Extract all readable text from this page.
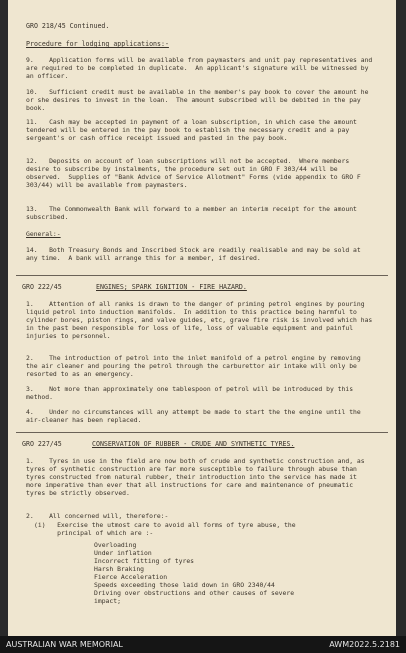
GRO 218/45 Continued.
Procedure for lodging applications:-
9.    Application forms will be available from paymasters and unit pay representatives and are required to be completed in duplicate.  An applicant's signature will be witnessed by an officer.
10.   Sufficient credit must be available in the member's pay book to cover the amount he or she desires to invest in the loan.  The amount subscribed will be debited in the pay book.
11.   Cash may be accepted in payment of a loan subscription, in which case the amount tendered will be entered in the pay book to establish the necessary credit and a pay sergeant's or cash office receipt issued and pasted in the pay book.
12.   Deposits on account of loan subscriptions will not be accepted.  Where members desire to subscribe by instalments, the procedure set out in GRO F 303/44 will be observed.  Supplies of "Bank Advice of Service Allotment" Forms (vide appendix to GRO F 303/44) will be available from paymasters.
13.   The Commonwealth Bank will forward to a member an interim receipt for the amount subscribed.
General:-
14.   Both Treasury Bonds and Inscribed Stock are readily realisable and may be sold at any time.  A bank will arrange this for a member, if desired.
GRO 222/45	ENGINES; SPARK IGNITION - FIRE HAZARD.
1.    Attention of all ranks is drawn to the danger of priming petrol engines by pouring liquid petrol into induction manifolds.  In addition to this practice being harmful to cylinder bores, piston rings, and valve guides, etc, grave fire risk is involved which has in the past been responsible for loss of life, loss of valuable equipment and painful injuries to personnel.
2.    The introduction of petrol into the inlet manifold of a petrol engine by removing the air cleaner and pouring the petrol through the carburettor air intake will only be resorted to as an emergency.
3.    Not more than approximately one tablespoon of petrol will be introduced by this method.
4.    Under no circumstances will any attempt be made to start the the engine until the air-cleaner has been replaced.
GRO 227/45	CONSERVATION OF RUBBER - CRUDE AND SYNTHETIC TYRES.
1.    Tyres in use in the field are now both of crude and synthetic construction and, as tyres of synthetic construction are far more susceptible to failure through abuse than tyres constructed from natural rubber, their introduction into the service has made it more imperative than ever that all instructions for care and maintenance of pneumatic tyres be strictly observed.
2.    All concerned will, therefore:-
(i)   Exercise the utmost care to avoid all forms of tyre abuse, the
principal of which are :-
Overloading
Under inflation
Incorrect fitting of tyres
Harsh Braking
Fierce Acceleration
Speeds exceeding those laid down in GRO 2340/44
Driving over obstructions and other causes of severe
impact;
AUSTRALIAN WAR MEMORIAL	AWM2022.5.2181
